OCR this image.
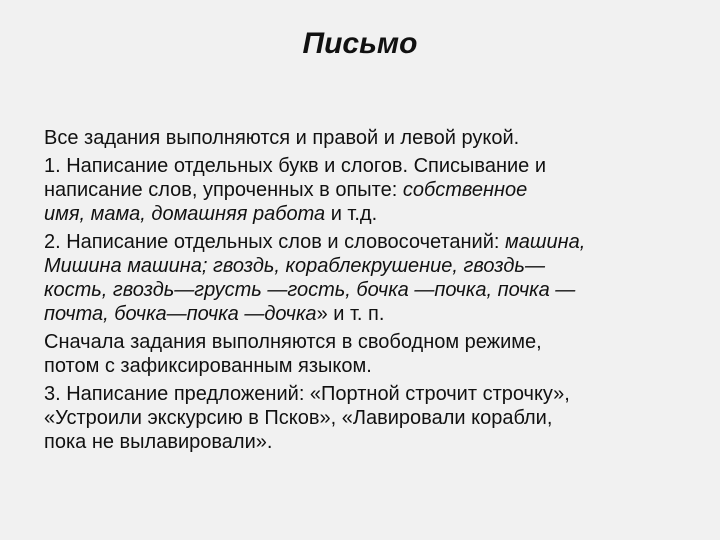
Письмо
Все задания выполняются и правой и левой рукой.
1. Написание отдельных букв и слогов. Списывание и
написание слов, упроченных в опыте: собственное
имя, мама, домашняя работа и т.д.
2. Написание отдельных слов и словосочетаний: машина,
Мишина машина; гвоздь, кораблекрушение, гвоздь—
кость, гвоздь—грусть —гость, бочка —почка, почка —
почта, бочка—почка —дочка» и т. п.
Сначала задания выполняются в свободном режиме,
потом с зафиксированным языком.
3. Написание предложений: «Портной строчит строчку»,
«Устроили экскурсию в Псков», «Лавировали корабли,
пока не вылавировали».
